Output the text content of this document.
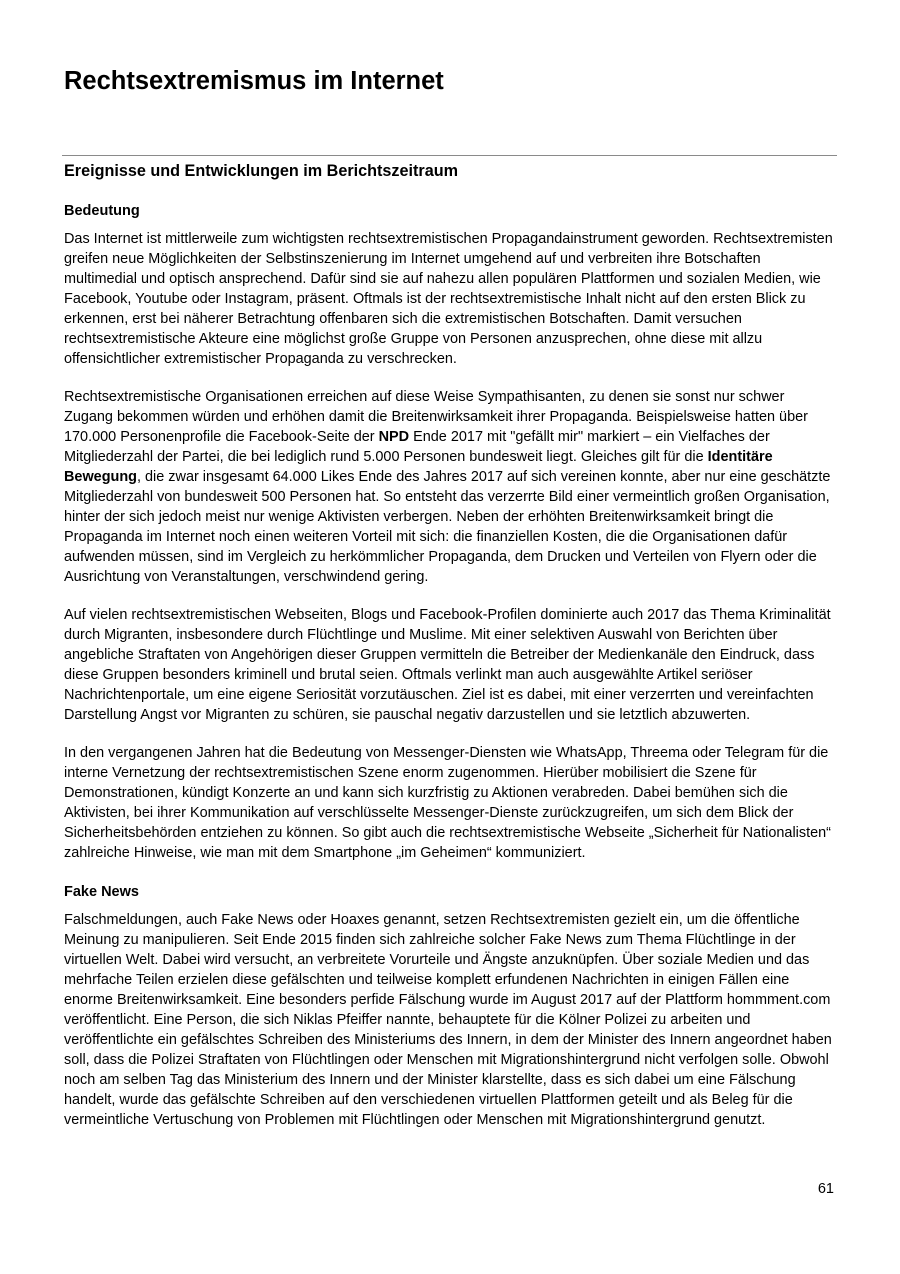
Rechtsextremismus im Internet
Ereignisse und Entwicklungen im Berichtszeitraum
Bedeutung

Das Internet ist mittlerweile zum wichtigsten rechtsextremistischen Propagandainstrument geworden. Rechtsextremisten greifen neue Möglichkeiten der Selbstinszenierung im Internet umgehend auf und verbreiten ihre Botschaften multimedial und optisch ansprechend. Dafür sind sie auf nahezu allen populären Plattformen und sozialen Medien, wie Facebook, Youtube oder Instagram, präsent. Oftmals ist der rechtsextremistische Inhalt nicht auf den ersten Blick zu erkennen, erst bei näherer Betrachtung offenbaren sich die extremistischen Botschaften. Damit versuchen rechtsextremistische Akteure eine möglichst große Gruppe von Personen anzusprechen, ohne diese mit allzu offensichtlicher extremistischer Propaganda zu verschrecken.

Rechtsextremistische Organisationen erreichen auf diese Weise Sympathisanten, zu denen sie sonst nur schwer Zugang bekommen würden und erhöhen damit die Breitenwirksamkeit ihrer Propaganda. Beispielsweise hatten über 170.000 Personenprofile die Facebook-Seite der NPD Ende 2017 mit "gefällt mir" markiert – ein Vielfaches der Mitgliederzahl der Partei, die bei lediglich rund 5.000 Personen bundesweit liegt. Gleiches gilt für die Identitäre Bewegung, die zwar insgesamt 64.000 Likes Ende des Jahres 2017 auf sich vereinen konnte, aber nur eine geschätzte Mitgliederzahl von bundesweit 500 Personen hat. So entsteht das verzerrte Bild einer vermeintlich großen Organisation, hinter der sich jedoch meist nur wenige Aktivisten verbergen. Neben der erhöhten Breitenwirksamkeit bringt die Propaganda im Internet noch einen weiteren Vorteil mit sich: die finanziellen Kosten, die die Organisationen dafür aufwenden müssen, sind im Vergleich zu herkömmlicher Propaganda, dem Drucken und Verteilen von Flyern oder die Ausrichtung von Veranstaltungen, verschwindend gering.

Auf vielen rechtsextremistischen Webseiten, Blogs und Facebook-Profilen dominierte auch 2017 das Thema Kriminalität durch Migranten, insbesondere durch Flüchtlinge und Muslime. Mit einer selektiven Auswahl von Berichten über angebliche Straftaten von Angehörigen dieser Gruppen vermitteln die Betreiber der Medienkanäle den Eindruck, dass diese Gruppen besonders kriminell und brutal seien. Oftmals verlinkt man auch ausgewählte Artikel seriöser Nachrichtenportale, um eine eigene Seriosität vorzutäuschen. Ziel ist es dabei, mit einer verzerrten und vereinfachten Darstellung Angst vor Migranten zu schüren, sie pauschal negativ darzustellen und sie letztlich abzuwerten.

In den vergangenen Jahren hat die Bedeutung von Messenger-Diensten wie WhatsApp, Threema oder Telegram für die interne Vernetzung der rechtsextremistischen Szene enorm zugenommen. Hierüber mobilisiert die Szene für Demonstrationen, kündigt Konzerte an und kann sich kurzfristig zu Aktionen verabreden. Dabei bemühen sich die Aktivisten, bei ihrer Kommunikation auf verschlüsselte Messenger-Dienste zurückzugreifen, um sich dem Blick der Sicherheitsbehörden entziehen zu können. So gibt auch die rechtsextremistische Webseite „Sicherheit für Nationalisten“ zahlreiche Hinweise, wie man mit dem Smartphone „im Geheimen“ kommuniziert.

Fake News

Falschmeldungen, auch Fake News oder Hoaxes genannt, setzen Rechtsextremisten gezielt ein, um die öffentliche Meinung zu manipulieren. Seit Ende 2015 finden sich zahlreiche solcher Fake News zum Thema Flüchtlinge in der virtuellen Welt. Dabei wird versucht, an verbreitete Vorurteile und Ängste anzuknüpfen. Über soziale Medien und das mehrfache Teilen erzielen diese gefälschten und teilweise komplett erfundenen Nachrichten in einigen Fällen eine enorme Breitenwirksamkeit. Eine besonders perfide Fälschung wurde im August 2017 auf der Plattform hommment.com veröffentlicht. Eine Person, die sich Niklas Pfeiffer nannte, behauptete für die Kölner Polizei zu arbeiten und veröffentlichte ein gefälschtes Schreiben des Ministeriums des Innern, in dem der Minister des Innern angeordnet haben soll, dass die Polizei Straftaten von Flüchtlingen oder Menschen mit Migrationshintergrund nicht verfolgen solle. Obwohl noch am selben Tag das Ministerium des Innern und der Minister klarstellte, dass es sich dabei um eine Fälschung handelt, wurde das gefälschte Schreiben auf den verschiedenen virtuellen Plattformen geteilt und als Beleg für die vermeintliche Vertuschung von Problemen mit Flüchtlingen oder Menschen mit Migrationshintergrund genutzt.

61
